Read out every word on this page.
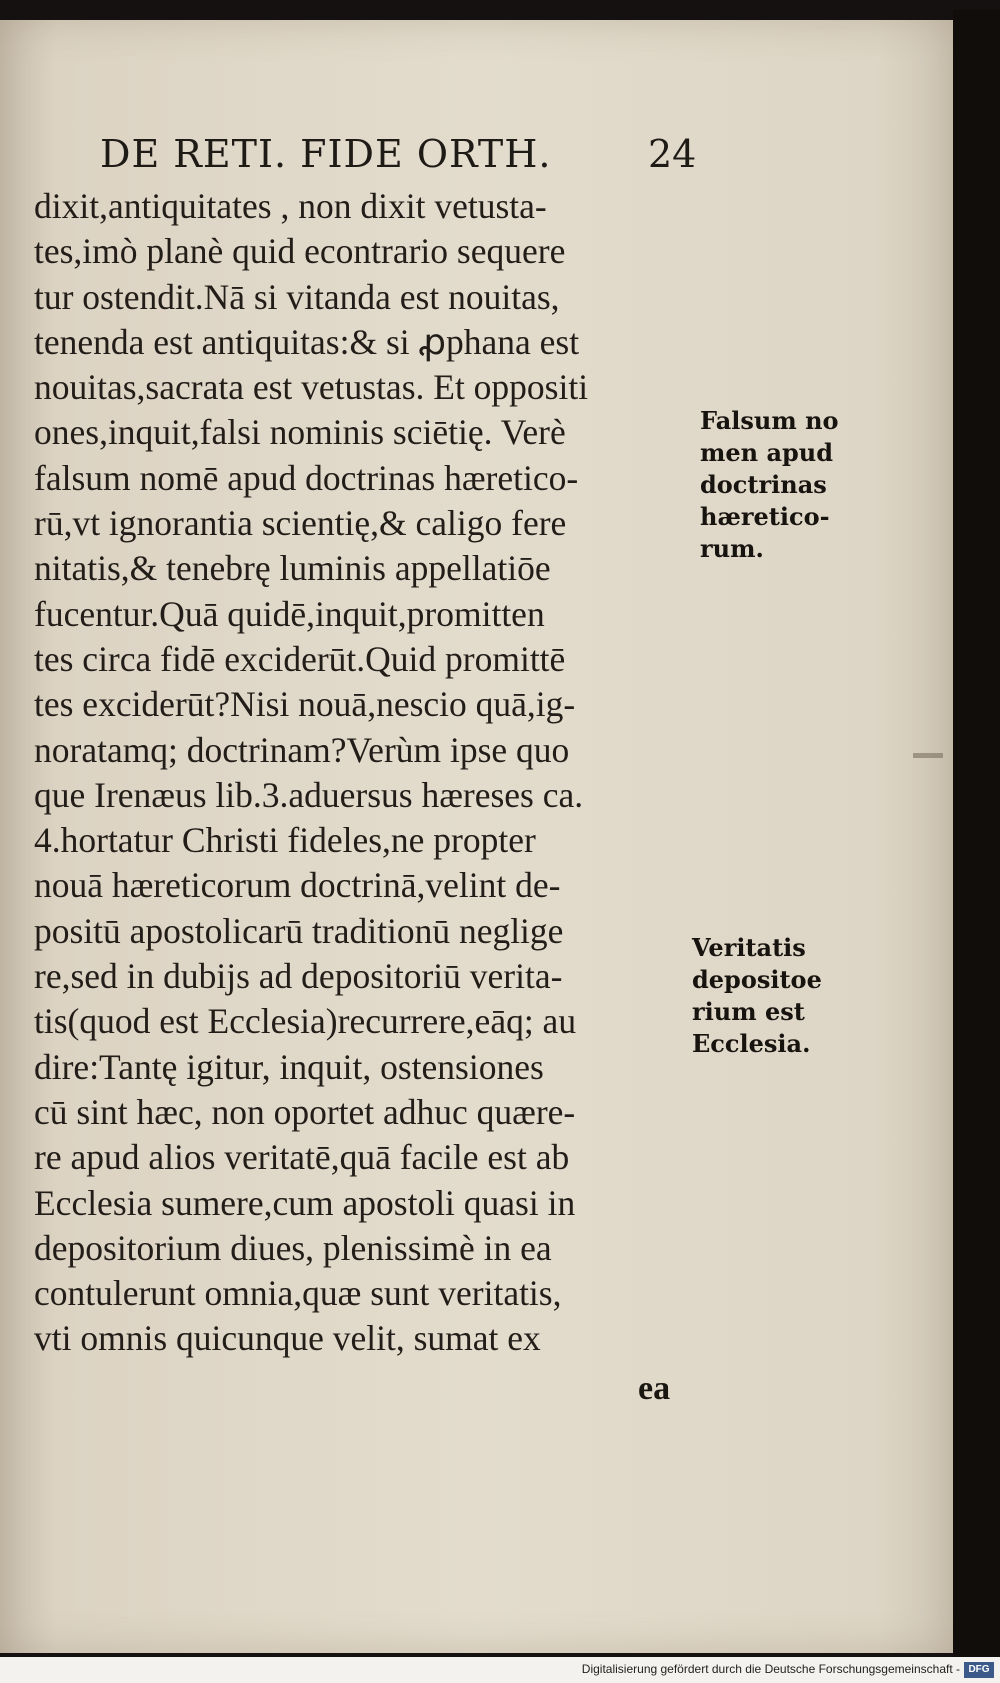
DE RETI. FIDE ORTH.	24
dixit,antiquitates , non dixit vetusta-
tes,imò planè quid econtrario sequere
tur ostendit.Nā si vitanda est nouitas,
tenenda est antiquitas:& si ꝓphana est
nouitas,sacrata est vetustas. Et oppositi
ones,inquit,falsi nominis sciētię. Verè
falsum nomē apud doctrinas hæretico-
rū,vt ignorantia scientię,& caligo fere
nitatis,& tenebrę luminis appellatiōe
fucentur.Quā quidē,inquit,promitten
tes circa fidē exciderūt.Quid promittē
tes exciderūt?Nisi nouā,nescio quā,ig-
noratamq; doctrinam?Verùm ipse quo
que Irenæus lib.3.aduersus hæreses ca.
4.hortatur Christi fideles,ne propter
nouā hæreticorum doctrinā,velint de-
positū apostolicarū traditionū neglige
re,sed in dubijs ad depositoriū verita-
tis(quod est Ecclesia)recurrere,eāq; au
dire:Tantę igitur, inquit, ostensiones
cū sint hæc, non oportet adhuc quære-
re apud alios veritatē,quā facile est ab
Ecclesia sumere,cum apostoli quasi in
depositorium diues, plenissimè in ea
contulerunt omnia,quæ sunt veritatis,
vti omnis quicunque velit, sumat ex
ea
Falsum no
men apud
doctrinas
hæretico-
rum.
Veritatis
depositoe
rium est
Ecclesia.
Digitalisierung gefördert durch die Deutsche Forschungsgemeinschaft - DFG
